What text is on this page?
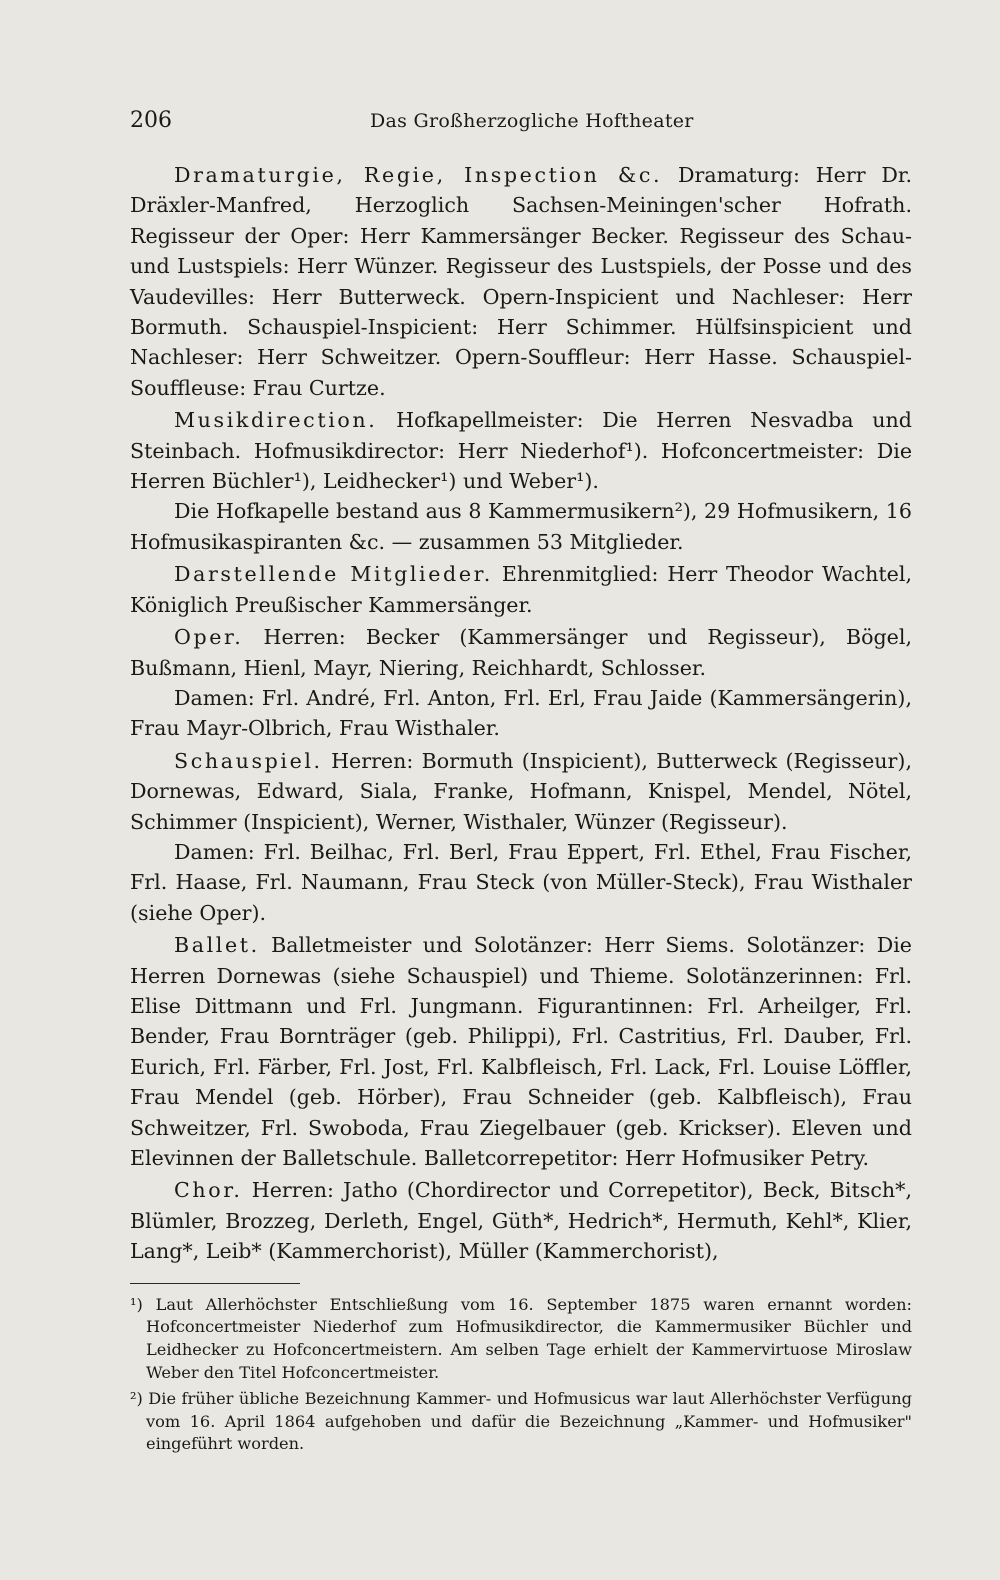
206	Das Großherzogliche Hoftheater

Dramaturgie, Regie, Inspection &c. Dramaturg: Herr Dr. Dräxler-Manfred, Herzoglich Sachsen-Meiningen'scher Hofrath. Regisseur der Oper: Herr Kammersänger Becker. Regisseur des Schau- und Lustspiels: Herr Wünzer. Regisseur des Lustspiels, der Posse und des Vaudevilles: Herr Butterweck. Opern-Inspicient und Nachleser: Herr Bormuth. Schauspiel-Inspicient: Herr Schimmer. Hülfsinspicient und Nachleser: Herr Schweitzer. Opern-Souffleur: Herr Hasse. Schauspiel-Souffleuse: Frau Curtze.

Musikdirection. Hofkapellmeister: Die Herren Nesvadba und Steinbach. Hofmusikdirector: Herr Niederhof¹). Hofconcertmeister: Die Herren Büchler¹), Leidhecker¹) und Weber¹).

Die Hofkapelle bestand aus 8 Kammermusikern²), 29 Hofmusikern, 16 Hofmusikaspiranten &c. — zusammen 53 Mitglieder.

Darstellende Mitglieder. Ehrenmitglied: Herr Theodor Wachtel, Königlich Preußischer Kammersänger.

Oper. Herren: Becker (Kammersänger und Regisseur), Bögel, Bußmann, Hienl, Mayr, Niering, Reichhardt, Schlosser.

Damen: Frl. André, Frl. Anton, Frl. Erl, Frau Jaide (Kammersängerin), Frau Mayr-Olbrich, Frau Wisthaler.

Schauspiel. Herren: Bormuth (Inspicient), Butterweck (Regisseur), Dornewas, Edward, Siala, Franke, Hofmann, Knispel, Mendel, Nötel, Schimmer (Inspicient), Werner, Wisthaler, Wünzer (Regisseur).

Damen: Frl. Beilhac, Frl. Berl, Frau Eppert, Frl. Ethel, Frau Fischer, Frl. Haase, Frl. Naumann, Frau Steck (von Müller-Steck), Frau Wisthaler (siehe Oper).

Ballet. Balletmeister und Solotänzer: Herr Siems. Solotänzer: Die Herren Dornewas (siehe Schauspiel) und Thieme. Solotänzerinnen: Frl. Elise Dittmann und Frl. Jungmann. Figurantinnen: Frl. Arheilger, Frl. Bender, Frau Bornträger (geb. Philippi), Frl. Castritius, Frl. Dauber, Frl. Eurich, Frl. Färber, Frl. Jost, Frl. Kalbfleisch, Frl. Lack, Frl. Louise Löffler, Frau Mendel (geb. Hörber), Frau Schneider (geb. Kalbfleisch), Frau Schweitzer, Frl. Swoboda, Frau Ziegelbauer (geb. Krickser). Eleven und Elevinnen der Balletschule. Balletcorrepetitor: Herr Hofmusiker Petry.

Chor. Herren: Jatho (Chordirector und Correpetitor), Beck, Bitsch*, Blümler, Brozzeg, Derleth, Engel, Güth*, Hedrich*, Hermuth, Kehl*, Klier, Lang*, Leib* (Kammerchorist), Müller (Kammerchorist),

¹) Laut Allerhöchster Entschließung vom 16. September 1875 waren ernannt worden: Hofconcertmeister Niederhof zum Hofmusikdirector, die Kammermusiker Büchler und Leidhecker zu Hofconcertmeistern. Am selben Tage erhielt der Kammervirtuose Miroslaw Weber den Titel Hofconcertmeister.

²) Die früher übliche Bezeichnung Kammer- und Hofmusicus war laut Allerhöchster Verfügung vom 16. April 1864 aufgehoben und dafür die Bezeichnung „Kammer- und Hofmusiker" eingeführt worden.
